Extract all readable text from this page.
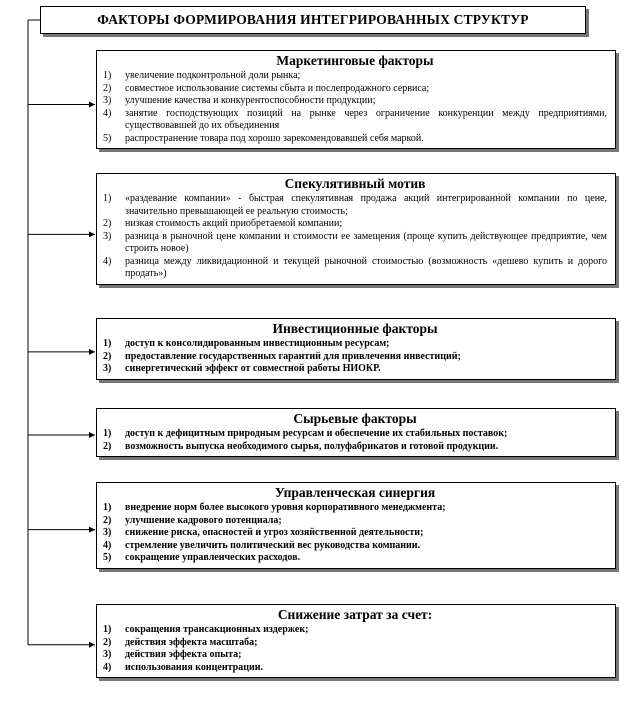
ФАКТОРЫ ФОРМИРОВАНИЯ ИНТЕГРИРОВАННЫХ СТРУКТУР
Маркетинговые факторы
1)	увеличение подконтрольной доли рынка;
2)	совместное использование системы сбыта и послепродажного сервиса;
3)	улучшение качества и конкурентоспособности продукции;
4)	занятие господствующих позиций на рынке через ограничение конкуренции между предприятиями, существовавшей до их объединения
5)	распространение товара под хорошо зарекомендовавшей себя маркой.
Спекулятивный мотив
1)	«раздевание компании» - быстрая спекулятивная продажа акций интегрированной компании по цене, значительно превышающей ее реальную стоимость;
2)	низкая стоимость акций приобретаемой компании;
3)	разница в рыночной цене компании и стоимости ее замещения (проще купить действующее предприятие, чем строить новое)
4)	разница между ликвидационной и текущей рыночной стоимостью (возможность «дешево купить и дорого продать»)
Инвестиционные факторы
1)	доступ к консолидированным инвестиционным ресурсам;
2)	предоставление государственных гарантий для привлечения инвестиций;
3)	синергетический эффект от совместной работы НИОКР.
Сырьевые факторы
1)	доступ к дефицитным природным ресурсам и обеспечение их стабильных поставок;
2)	возможность выпуска необходимого сырья, полуфабрикатов и готовой продукции.
Управленческая синергия
1)	внедрение норм более высокого уровня корпоративного менеджмента;
2)	улучшение кадрового потенциала;
3)	снижение риска, опасностей и угроз хозяйственной деятельности;
4)	стремление увеличить политический вес руководства компании.
5)	сокращение управленческих расходов.
Снижение затрат за счет:
1)	сокращения трансакционных издержек;
2)	действия эффекта масштаба;
3)	действия эффекта опыта;
4)	использования концентрации.
